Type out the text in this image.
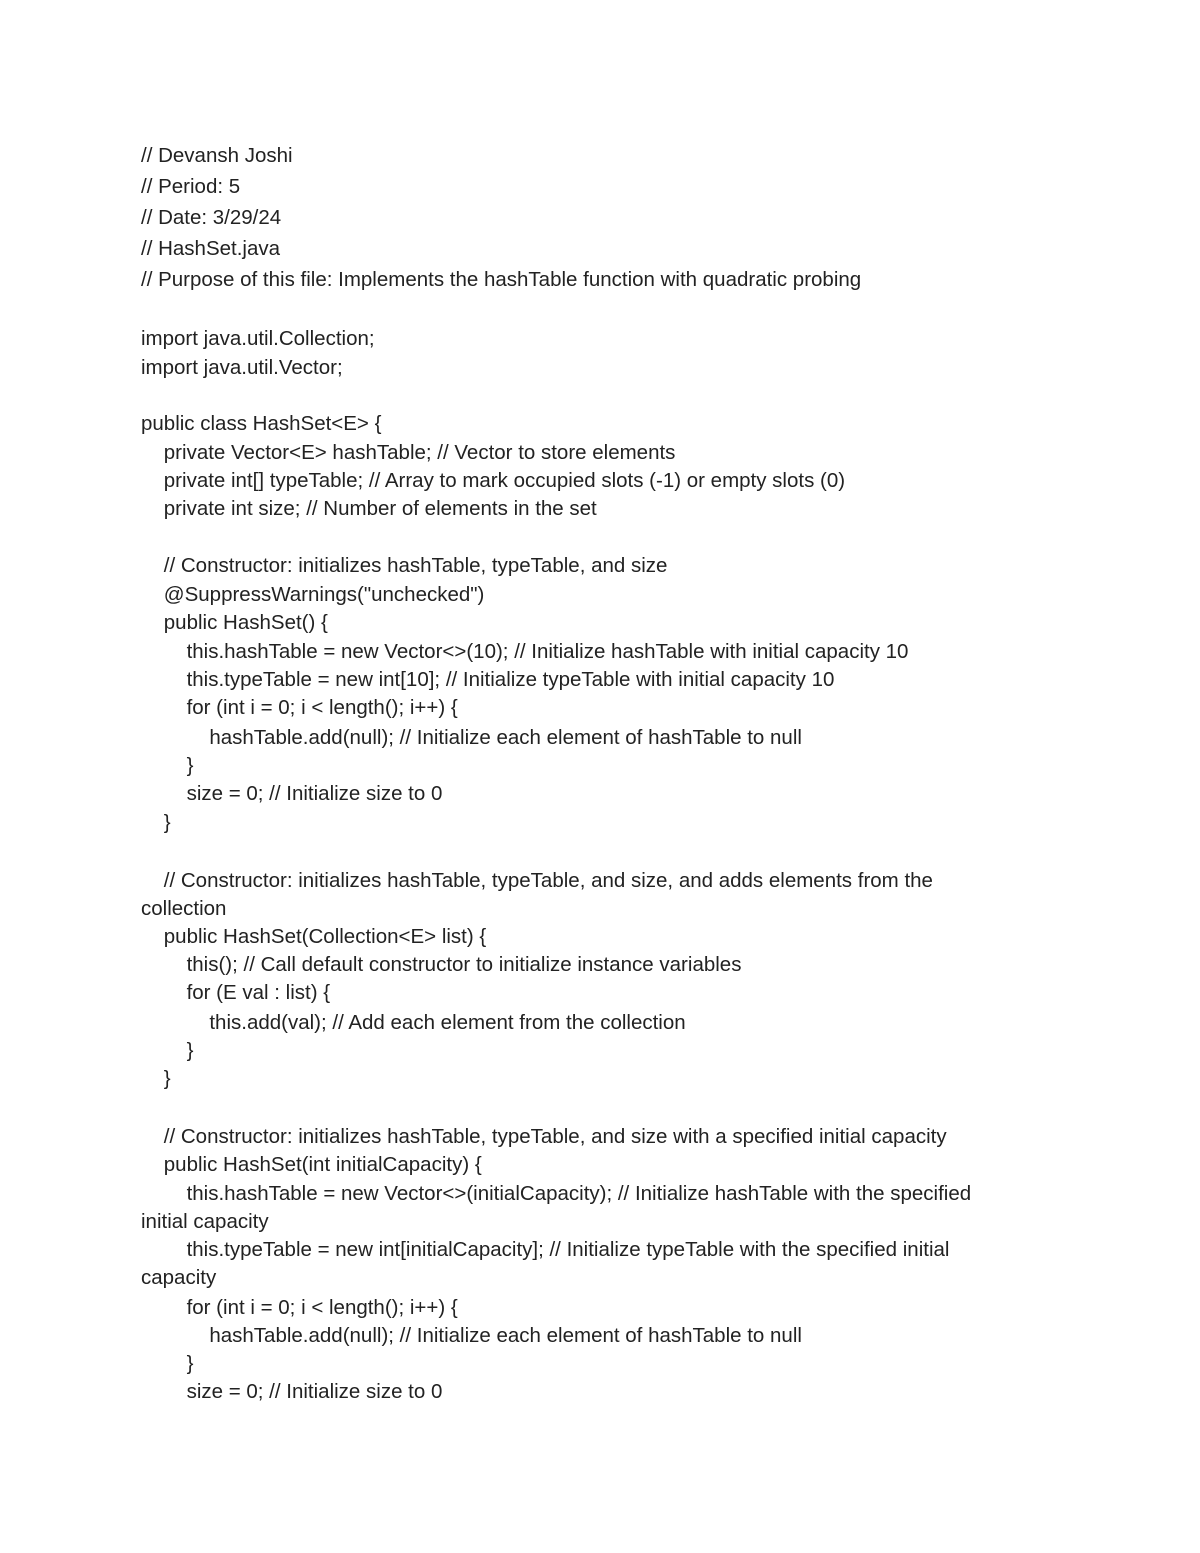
// Devansh Joshi
// Period: 5
// Date: 3/29/24
// HashSet.java
// Purpose of this file: Implements the hashTable function with quadratic probing
import java.util.Collection;
import java.util.Vector;
public class HashSet<E> {
private Vector<E> hashTable; // Vector to store elements
private int[] typeTable; // Array to mark occupied slots (-1) or empty slots (0)
private int size; // Number of elements in the set
// Constructor: initializes hashTable, typeTable, and size
@SuppressWarnings("unchecked")
public HashSet() {
this.hashTable = new Vector<>(10); // Initialize hashTable with initial capacity 10
this.typeTable = new int[10]; // Initialize typeTable with initial capacity 10
for (int i = 0; i < length(); i++) {
hashTable.add(null); // Initialize each element of hashTable to null
}
size = 0; // Initialize size to 0
}
// Constructor: initializes hashTable, typeTable, and size, and adds elements from the
collection
public HashSet(Collection<E> list) {
this(); // Call default constructor to initialize instance variables
for (E val : list) {
this.add(val); // Add each element from the collection
}
}
// Constructor: initializes hashTable, typeTable, and size with a specified initial capacity
public HashSet(int initialCapacity) {
this.hashTable = new Vector<>(initialCapacity); // Initialize hashTable with the specified
initial capacity
this.typeTable = new int[initialCapacity]; // Initialize typeTable with the specified initial
capacity
for (int i = 0; i < length(); i++) {
hashTable.add(null); // Initialize each element of hashTable to null
}
size = 0; // Initialize size to 0
